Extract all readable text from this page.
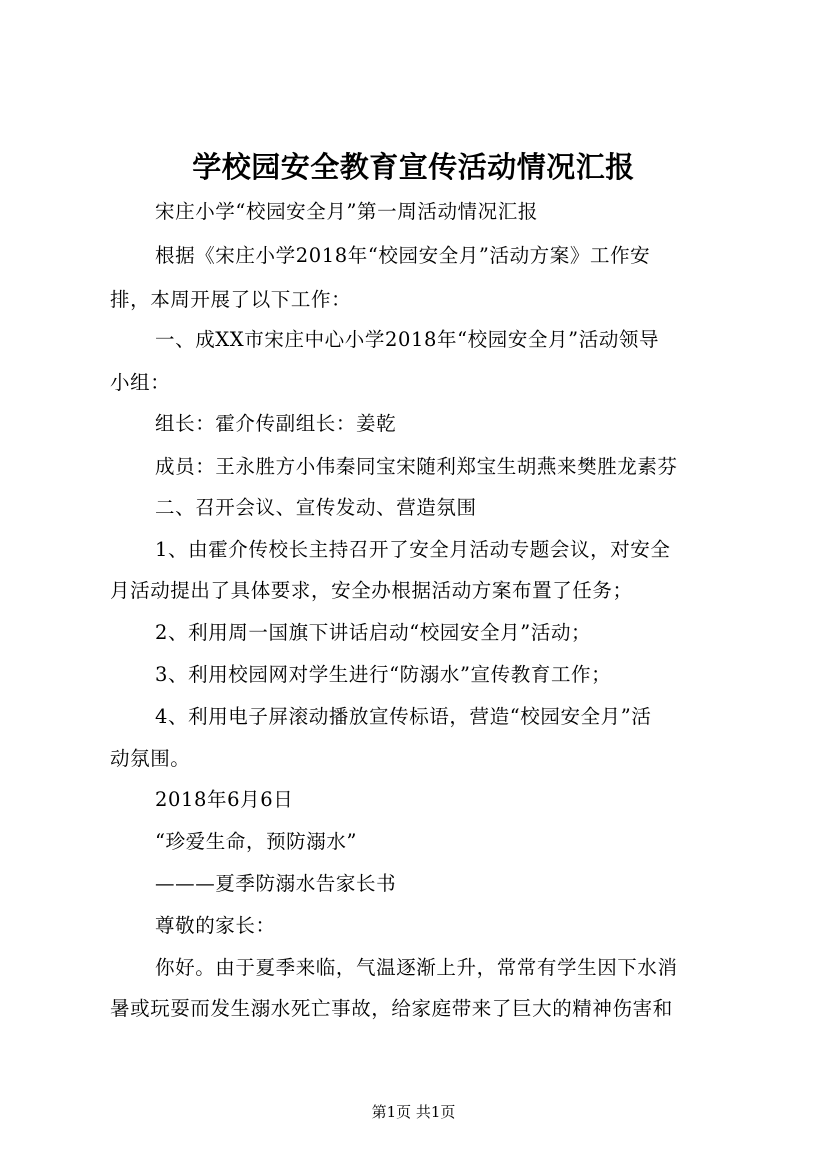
学校园安全教育宣传活动情况汇报
宋庄小学“校园安全月”第一周活动情况汇报
根据《宋庄小学2018年“校园安全月”活动方案》工作安
排，本周开展了以下工作：
一、成XX市宋庄中心小学2018年“校园安全月”活动领导
小组：
组长：霍介传副组长：姜乾
成员：王永胜方小伟秦同宝宋随利郑宝生胡燕来樊胜龙素芬
二、召开会议、宣传发动、营造氛围
1、由霍介传校长主持召开了安全月活动专题会议，对安全
月活动提出了具体要求，安全办根据活动方案布置了任务；
2、利用周一国旗下讲话启动“校园安全月”活动；
3、利用校园网对学生进行“防溺水”宣传教育工作；
4、利用电子屏滚动播放宣传标语，营造“校园安全月”活
动氛围。
2018年6月6日
“珍爱生命，预防溺水”
———夏季防溺水告家长书
尊敬的家长：
你好。由于夏季来临，气温逐渐上升，常常有学生因下水消
暑或玩耍而发生溺水死亡事故，给家庭带来了巨大的精神伤害和
第1页 共1页
